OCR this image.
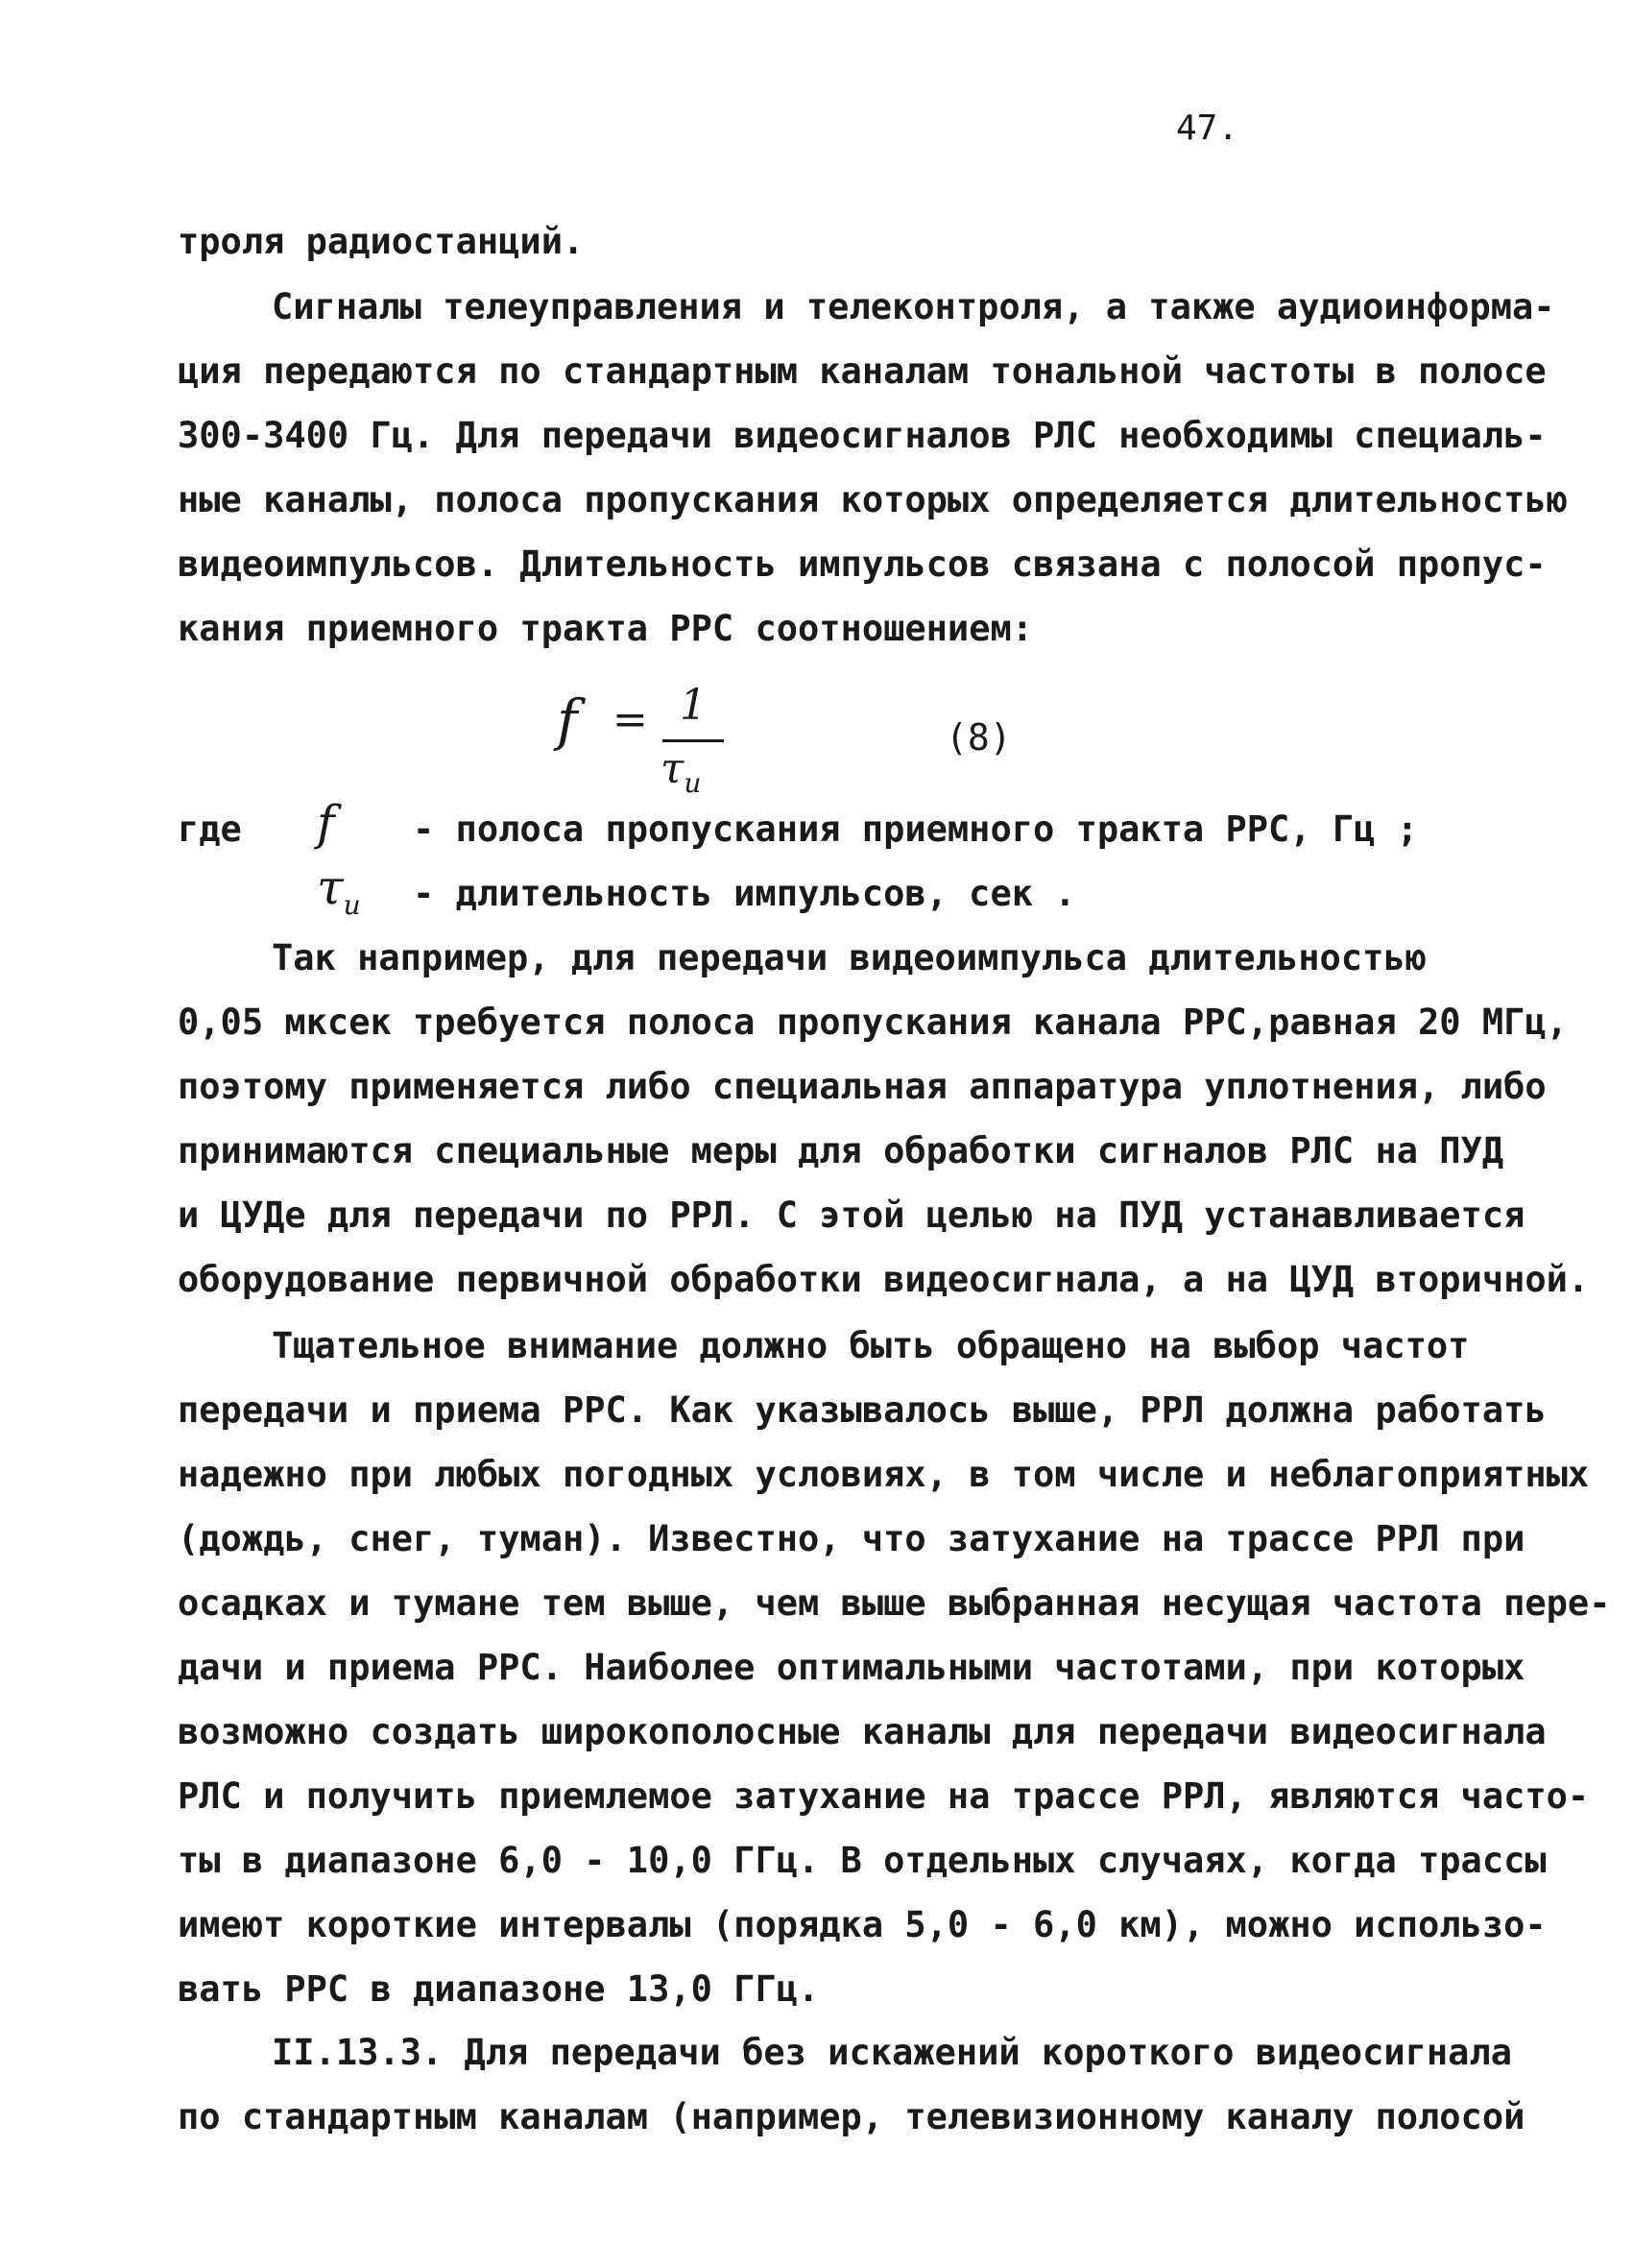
47.
троля радиостанций.
Сигналы телеуправления и телеконтроля, а также аудиоинформа-
ция передаются по стандартным каналам тональной частоты в полосе
300-3400 Гц. Для передачи видеосигналов РЛС необходимы специаль-
ные каналы, полоса пропускания которых определяется длительностью
видеоимпульсов. Длительность импульсов связана с полосой пропус-
кания приемного тракта РРС соотношением:
f = 1
$\tau_и$
(8)
где f - полоса пропускания приемного тракта РРС, Гц ;
$\tau_и$ - длительность импульсов, сек .
Так например, для передачи видеоимпульса длительностью
0,05 мксек требуется полоса пропускания канала РРС,равная 20 МГц,
поэтому применяется либо специальная аппаратура уплотнения, либо
принимаются специальные меры для обработки сигналов РЛС на ПУД
и ЦУДе для передачи по РРЛ. С этой целью на ПУД устанавливается
оборудование первичной обработки видеосигнала, а на ЦУД вторичной.
Тщательное внимание должно быть обращено на выбор частот
передачи и приема РРС. Как указывалось выше, РРЛ должна работать
надежно при любых погодных условиях, в том числе и неблагоприятных
(дождь, снег, туман). Известно, что затухание на трассе РРЛ при
осадках и тумане тем выше, чем выше выбранная несущая частота пере-
дачи и приема РРС. Наиболее оптимальными частотами, при которых
возможно создать широкополосные каналы для передачи видеосигнала
РЛС и получить приемлемое затухание на трассе РРЛ, являются часто-
ты в диапазоне 6,0 - 10,0 ГГц. В отдельных случаях, когда трассы
имеют короткие интервалы (порядка 5,0 - 6,0 км), можно использо-
вать РРС в диапазоне 13,0 ГГц.
II.13.3. Для передачи без искажений короткого видеосигнала
по стандартным каналам (например, телевизионному каналу полосой
